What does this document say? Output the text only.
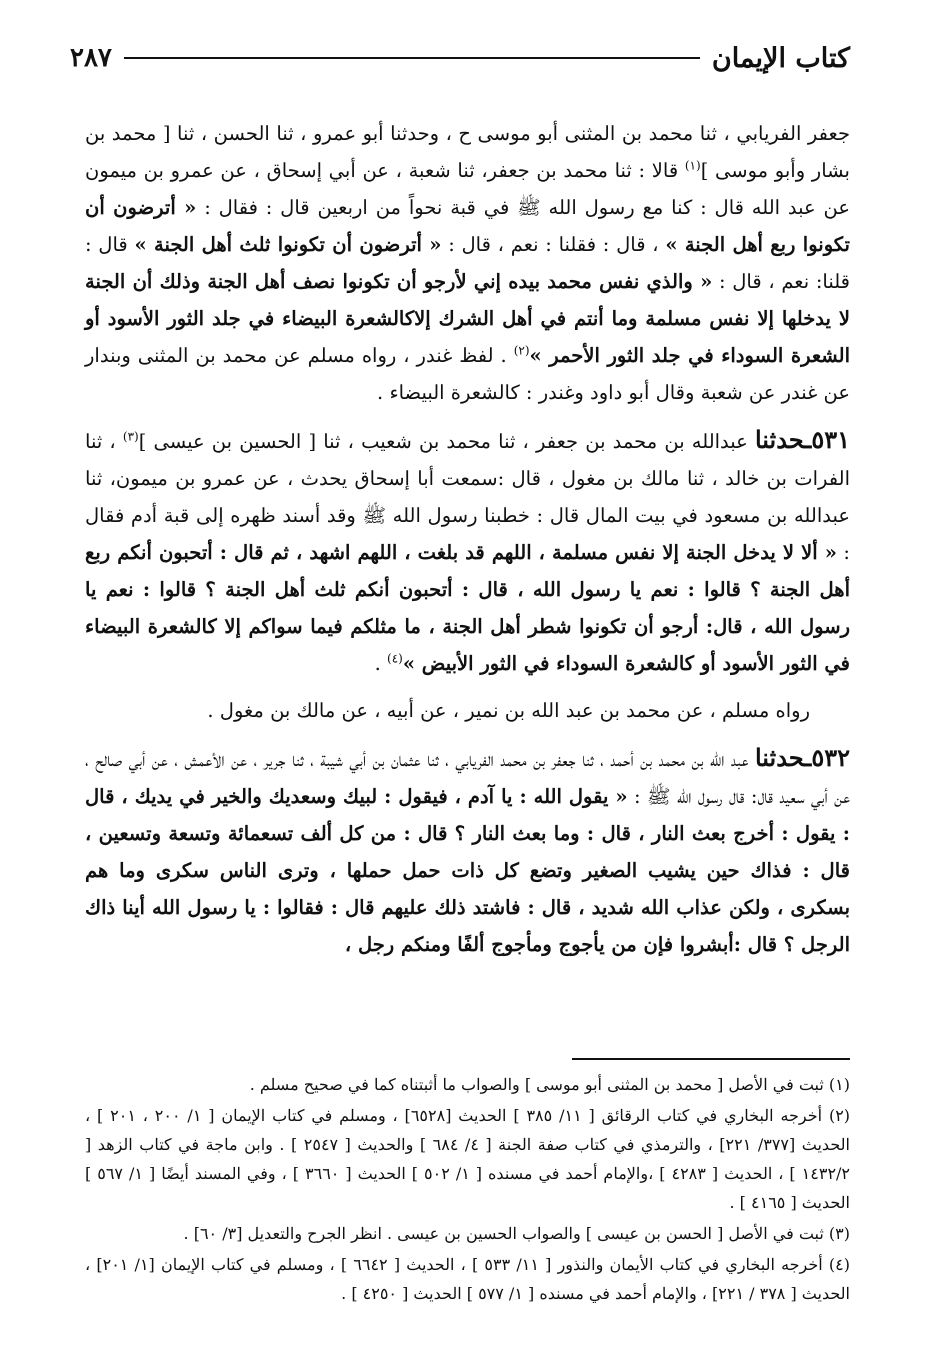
كتاب الإيمان
٢٨٧

جعفر الفريابي ، ثنا محمد بن المثنى أبو موسى ح ، وحدثنا أبو عمرو ، ثنا الحسن ، ثنا [ محمد بن بشار وأبو موسى ]$^{(١)}$ قالا : ثنا محمد بن جعفر، ثنا شعبة ، عن أبي إسحاق ، عن عمرو بن ميمون عن عبد الله قال : كنا مع رسول الله ﷺ في قبة نحواً من اربعين قال : فقال : « أترضون أن تكونوا ربع أهل الجنة » ، قال : فقلنا : نعم ، قال : « أترضون أن تكونوا ثلث أهل الجنة » قال : قلنا: نعم ، قال : « والذي نفس محمد بيده إني لأرجو أن تكونوا نصف أهل الجنة وذلك أن الجنة لا يدخلها إلا نفس مسلمة وما أنتم في أهل الشرك إلاكالشعرة البيضاء في جلد الثور الأسود أو الشعرة السوداء في جلد الثور الأحمر »$^{(٢)}$ . لفظ غندر ، رواه مسلم عن محمد بن المثنى وبندار عن غندر عن شعبة وقال أبو داود وغندر : كالشعرة البيضاء .

٥٣١ـحدثنا عبدالله بن محمد بن جعفر ، ثنا محمد بن شعيب ، ثنا [ الحسين بن عيسى ]$^{(٣)}$ ، ثنا الفرات بن خالد ، ثنا مالك بن مغول ، قال :سمعت أبا إسحاق يحدث ، عن عمرو بن ميمون، ثنا عبدالله بن مسعود في بيت المال قال : خطبنا رسول الله ﷺ وقد أسند ظهره إلى قبة أدم فقال : « ألا لا يدخل الجنة إلا نفس مسلمة ، اللهم قد بلغت ، اللهم اشهد ، ثم قال : أتحبون أنكم ربع أهل الجنة ؟ قالوا : نعم يا رسول الله ، قال : أتحبون أنكم ثلث أهل الجنة ؟ قالوا : نعم يا رسول الله ، قال: أرجو أن تكونوا شطر أهل الجنة ، ما مثلكم فيما سواكم إلا كالشعرة البيضاء في الثور الأسود أو كالشعرة السوداء في الثور الأبيض »$^{(٤)}$ .

رواه مسلم ، عن محمد بن عبد الله بن نمير ، عن أبيه ، عن مالك بن مغول .

٥٣٢ـحدثنا عبد الله بن محمد بن أحمد ، ثنا جعفر بن محمد الفريابي ، ثنا عثمان بن أبي شيبة ، ثنا جرير ، عن الأعمش ، عن أبي صالح ، عن أبي سعيد قال: قال رسول الله ﷺ : « يقول الله : يا آدم ، فيقول : لبيك وسعديك والخير في يديك ، قال : يقول : أخرج بعث النار ، قال : وما بعث النار ؟ قال : من كل ألف تسعمائة وتسعة وتسعين ، قال : فذاك حين يشيب الصغير وتضع كل ذات حمل حملها ، وترى الناس سكرى وما هم بسكرى ، ولكن عذاب الله شديد ، قال : فاشتد ذلك عليهم قال : فقالوا : يا رسول الله أينا ذاك الرجل ؟ قال :أبشروا فإن من يأجوج ومأجوج ألفًا ومنكم رجل ،

(١) ثبت في الأصل [ محمد بن المثنى أبو موسى ] والصواب ما أثبتناه كما في صحيح مسلم .

(٢) أخرجه البخاري في كتاب الرقائق [ ١١/ ٣٨٥ ] الحديث [٦٥٢٨] ، ومسلم في كتاب الإيمان [ ١/ ٢٠٠ ، ٢٠١ ] ، الحديث [٣٧٧/ ٢٢١] ، والترمذي في كتاب صفة الجنة [ ٤/ ٦٨٤ ] والحديث [ ٢٥٤٧ ] . وابن ماجة في كتاب الزهد [ ١٤٣٢/٢ ] ، الحديث [ ٤٢٨٣ ] ،والإمام أحمد في مسنده [ ١/ ٥٠٢ ] الحديث [ ٣٦٦٠ ] ، وفي المسند أيضًا [ ١/ ٥٦٧ ] الحديث [ ٤١٦٥ ] .

(٣) ثبت في الأصل [ الحسن بن عيسى ] والصواب الحسين بن عيسى . انظر الجرح والتعديل [٣/ ٦٠] .

(٤) أخرجه البخاري في كتاب الأيمان والنذور [ ١١/ ٥٣٣ ] ، الحديث [ ٦٦٤٢ ] ، ومسلم في كتاب الإيمان [١/ ٢٠١] ، الحديث [ ٣٧٨ / ٢٢١] ، والإمام أحمد في مسنده [ ١/ ٥٧٧ ] الحديث [ ٤٢٥٠ ] .
